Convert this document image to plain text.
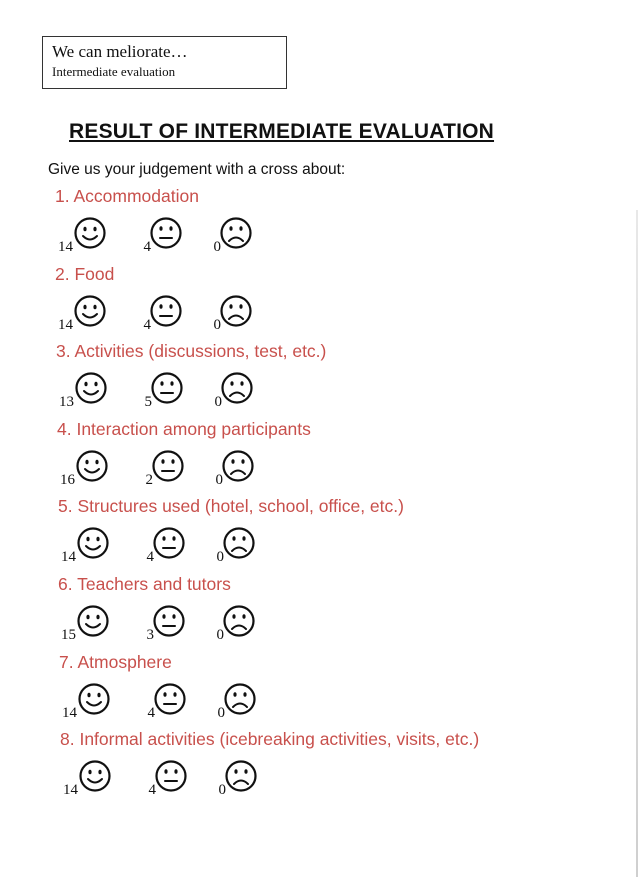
We can meliorate…
Intermediate evaluation
RESULT OF INTERMEDIATE EVALUATION
Give us your judgement with a cross about:
1. Accommodation
14	4	0
2. Food
14	4	0
3. Activities (discussions, test, etc.)
13	5	0
4. Interaction among participants
16	2	0
5. Structures used (hotel, school, office, etc.)
14	4	0
6. Teachers and tutors
15	3	0
7. Atmosphere
14	4	0
8. Informal activities (icebreaking activities, visits, etc.)
14	4	0
